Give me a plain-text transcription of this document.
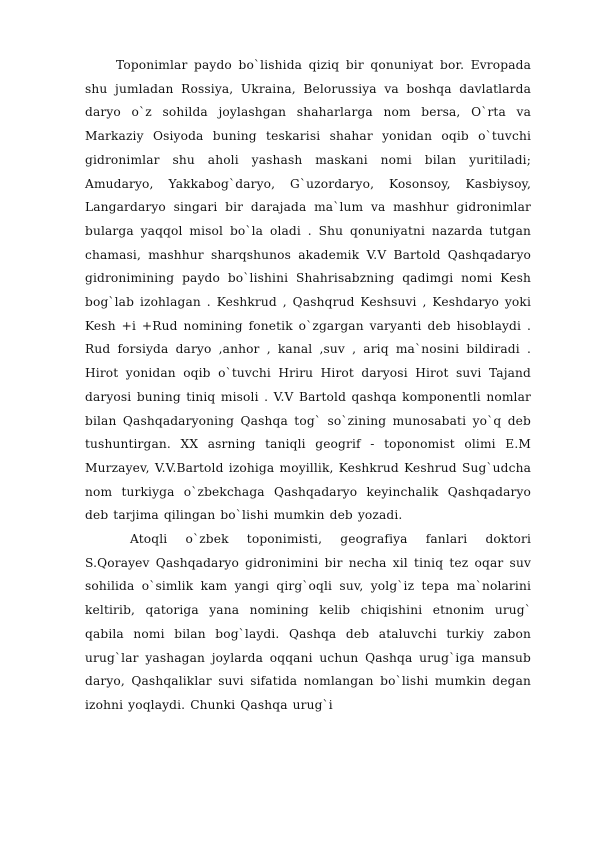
Toponimlar paydo bo`lishida qiziq bir qonuniyat bor. Evropada shu jumladan Rossiya, Ukraina, Belorussiya va boshqa davlatlarda daryo o`z sohilda joylashgan shaharlarga nom bersa, O`rta va Markaziy Osiyoda buning teskarisi shahar yonidan oqib o`tuvchi gidronimlar shu aholi yashash maskani nomi bilan yuritiladi; Amudaryo, Yakkabog`daryo, G`uzordaryo, Kosonsoy, Kasbiysoy, Langardaryo singari bir darajada ma`lum va mashhur gidronimlar bularga yaqqol misol bo`la oladi . Shu qonuniyatni nazarda tutgan chamasi, mashhur sharqshunos akademik V.V Bartold Qashqadaryo gidronimining paydo bo`lishini Shahrisabzning qadimgi nomi Kesh bog`lab izohlagan . Keshkrud , Qashqrud Keshsuvi , Keshdaryo yoki Kesh +i +Rud nomining fonetik o`zgargan varyanti deb hisoblaydi . Rud forsiyda daryo ,anhor , kanal ,suv , ariq ma`nosini bildiradi . Hirot yonidan oqib o`tuvchi Hriru Hirot daryosi Hirot suvi Tajand daryosi buning tiniq misoli . V.V Bartold qashqa komponentli nomlar bilan Qashqadaryoning Qashqa tog` so`zining munosabati yo`q deb tushuntirgan. XX asrning taniqli geogrif - toponomist olimi E.M Murzayev, V.V.Bartold izohiga moyillik, Keshkrud Keshrud Sug`udcha nom turkiyga o`zbekchaga Qashqadaryo keyinchalik Qashqadaryo deb tarjima qilingan bo`lishi mumkin deb yozadi.

Atoqli o`zbek toponimisti, geografiya fanlari doktori S.Qorayev Qashqadaryo gidronimini bir necha xil tiniq tez oqar suv sohilida o`simlik kam yangi qirg`oqli suv, yolg`iz tepa ma`nolarini keltirib, qatoriga yana nomining kelib chiqishini etnonim urug` qabila nomi bilan bog`laydi. Qashqa deb ataluvchi turkiy zabon urug`lar yashagan joylarda oqqani uchun Qashqa urug`iga mansub daryo, Qashqaliklar suvi sifatida nomlangan bo`lishi mumkin degan izohni yoqlaydi. Chunki Qashqa urug`i
